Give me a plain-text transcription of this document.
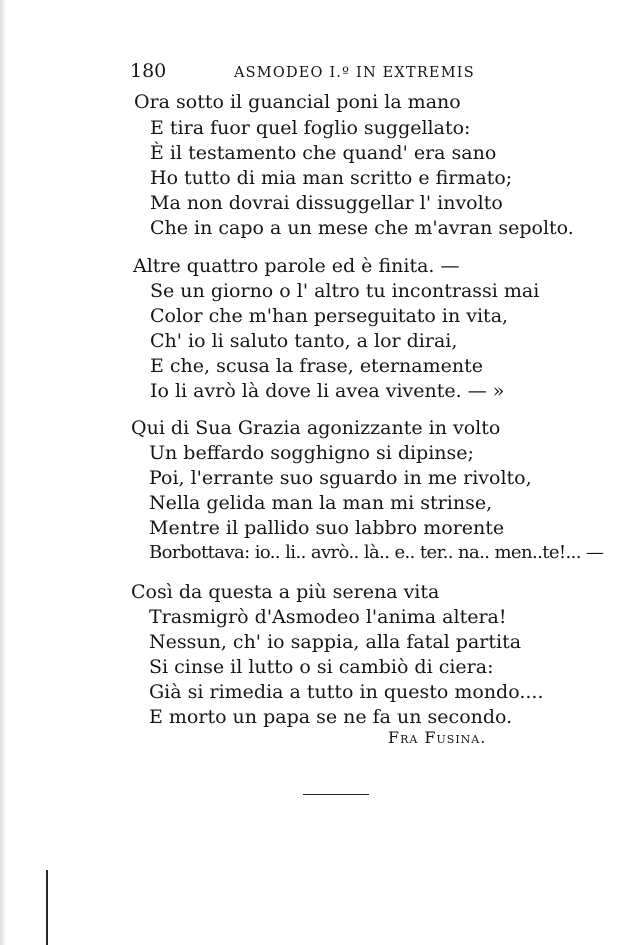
180	ASMODEO I.º IN EXTREMIS
Ora sotto il guancial poni la mano
E tira fuor quel foglio suggellato:
È il testamento che quand' era sano
Ho tutto di mia man scritto e firmato;
Ma non dovrai dissuggellar l' involto
Che in capo a un mese che m'avran sepolto.
Altre quattro parole ed è finita. —
Se un giorno o l' altro tu incontrassi mai
Color che m'han perseguitato in vita,
Ch' io li saluto tanto, a lor dirai,
E che, scusa la frase, eternamente
Io li avrò là dove li avea vivente. — »
Qui di Sua Grazia agonizzante in volto
Un beffardo sogghigno si dipinse;
Poi, l'errante suo sguardo in me rivolto,
Nella gelida man la man mi strinse,
Mentre il pallido suo labbro morente
Borbottava: io.. li.. avrò.. là.. e.. ter.. na.. men..te!... —
Così da questa a più serena vita
Trasmigrò d'Asmodeo l'anima altera!
Nessun, ch' io sappia, alla fatal partita
Si cinse il lutto o si cambiò di ciera:
Già si rimedia a tutto in questo mondo....
E morto un papa se ne fa un secondo.
Fra Fusina.
